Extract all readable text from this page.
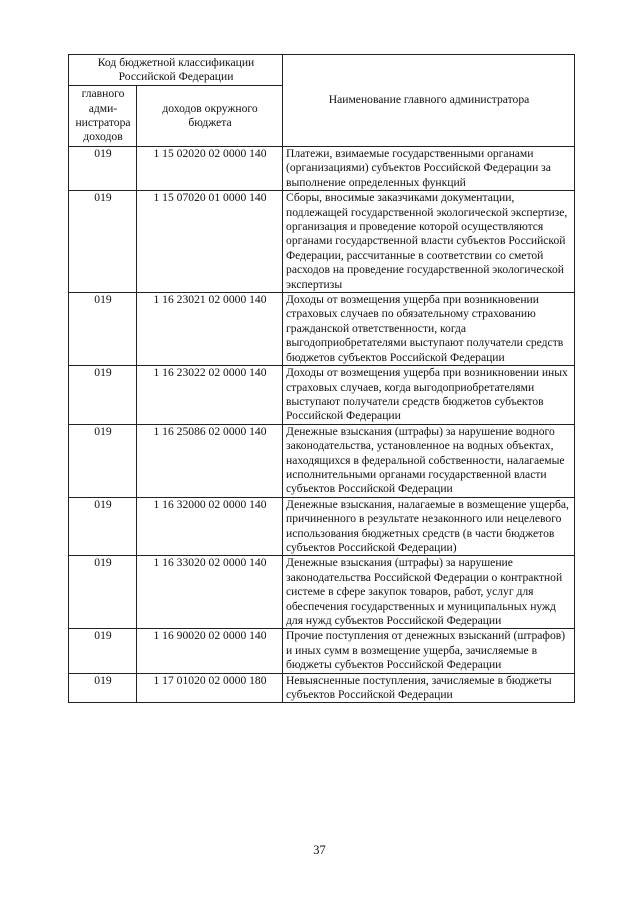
Код бюджетной классификации Российской Федерации		Наименование главного администратора
главного адми-нистратора доходов	доходов окружного бюджета	
019	1 15 02020 02 0000 140	Платежи, взимаемые государственными органами (организациями) субъектов Российской Федерации за выполнение определенных функций
019	1 15 07020 01 0000 140	Сборы, вносимые заказчиками документации, подлежащей государственной экологической экспертизе, организация и проведение которой осуществляются органами государственной власти субъектов Российской Федерации, рассчитанные в соответствии со сметой расходов на проведение государственной экологической экспертизы
019	1 16 23021 02 0000 140	Доходы от возмещения ущерба при возникновении страховых случаев по обязательному страхованию гражданской ответственности, когда выгодоприобретателями выступают получатели средств бюджетов субъектов Российской Федерации
019	1 16 23022 02 0000 140	Доходы от возмещения ущерба при возникновении иных страховых случаев, когда выгодоприобретателями выступают получатели средств бюджетов субъектов Российской Федерации
019	1 16 25086 02 0000 140	Денежные взыскания (штрафы) за нарушение водного законодательства, установленное на водных объектах, находящихся в федеральной собственности, налагаемые исполнительными органами государственной власти субъектов Российской Федерации
019	1 16 32000 02 0000 140	Денежные взыскания, налагаемые в возмещение ущерба, причиненного в результате незаконного или нецелевого использования бюджетных средств (в части бюджетов субъектов Российской Федерации)
019	1 16 33020 02 0000 140	Денежные взыскания (штрафы) за нарушение законодательства Российской Федерации о контрактной системе в сфере закупок товаров, работ, услуг для обеспечения государственных и муниципальных нужд для нужд субъектов Российской Федерации
019	1 16 90020 02 0000 140	Прочие поступления от денежных взысканий (штрафов) и иных сумм в возмещение ущерба, зачисляемые в бюджеты субъектов Российской Федерации
019	1 17 01020 02 0000 180	Невыясненные поступления, зачисляемые в бюджеты субъектов Российской Федерации
37
